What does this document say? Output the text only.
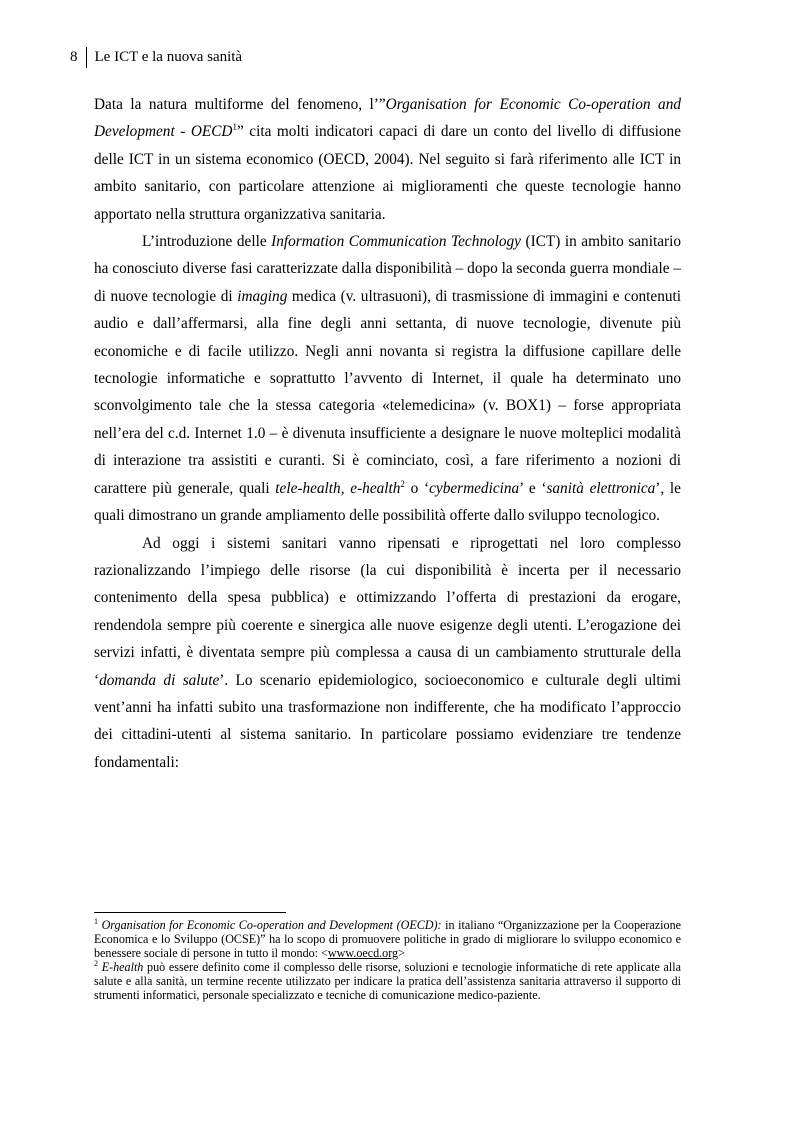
8	Le ICT e la nuova sanità

Data la natura multiforme del fenomeno, l’”Organisation for Economic Co-operation and Development - OECD$^1$” cita molti indicatori capaci di dare un conto del livello di diffusione delle ICT in un sistema economico (OECD, 2004). Nel seguito si farà riferimento alle ICT in ambito sanitario, con particolare attenzione ai miglioramenti che queste tecnologie hanno apportato nella struttura organizzativa sanitaria.

L’introduzione delle Information Communication Technology (ICT) in ambito sanitario ha conosciuto diverse fasi caratterizzate dalla disponibilità – dopo la seconda guerra mondiale – di nuove tecnologie di imaging medica (v. ultrasuoni), di trasmissione di immagini e contenuti audio e dall’affermarsi, alla fine degli anni settanta, di nuove tecnologie, divenute più economiche e di facile utilizzo. Negli anni novanta si registra la diffusione capillare delle tecnologie informatiche e soprattutto l’avvento di Internet, il quale ha determinato uno sconvolgimento tale che la stessa categoria «telemedicina» (v. BOX1) – forse appropriata nell’era del c.d. Internet 1.0 – è divenuta insufficiente a designare le nuove molteplici modalità di interazione tra assistiti e curanti. Si è cominciato, così, a fare riferimento a nozioni di carattere più generale, quali tele-health, e-health$^2$ o ‘cybermedicina’ e ‘sanità elettronica’, le quali dimostrano un grande ampliamento delle possibilità offerte dallo sviluppo tecnologico.

Ad oggi i sistemi sanitari vanno ripensati e riprogettati nel loro complesso razionalizzando l’impiego delle risorse (la cui disponibilità è incerta per il necessario contenimento della spesa pubblica) e ottimizzando l’offerta di prestazioni da erogare, rendendola sempre più coerente e sinergica alle nuove esigenze degli utenti. L’erogazione dei servizi infatti, è diventata sempre più complessa a causa di un cambiamento strutturale della ‘domanda di salute’. Lo scenario epidemiologico, socioeconomico e culturale degli ultimi vent’anni ha infatti subito una trasformazione non indifferente, che ha modificato l’approccio dei cittadini-utenti al sistema sanitario. In particolare possiamo evidenziare tre tendenze fondamentali:

$^1$ Organisation for Economic Co-operation and Development (OECD): in italiano “Organizzazione per la Cooperazione Economica e lo Sviluppo (OCSE)” ha lo scopo di promuovere politiche in grado di migliorare lo sviluppo economico e benessere sociale di persone in tutto il mondo: <www.oecd.org>

$^2$ E-health può essere definito come il complesso delle risorse, soluzioni e tecnologie informatiche di rete applicate alla salute e alla sanità, un termine recente utilizzato per indicare la pratica dell’assistenza sanitaria attraverso il supporto di strumenti informatici, personale specializzato e tecniche di comunicazione medico-paziente.
